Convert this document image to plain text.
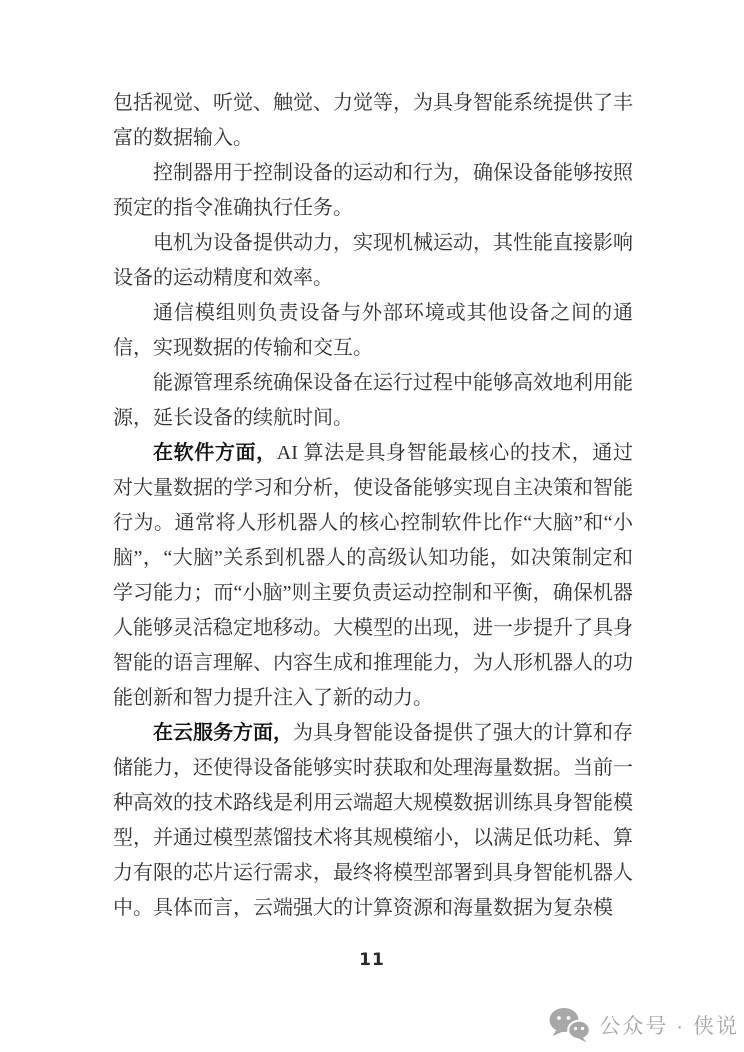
包括视觉、听觉、触觉、力觉等，为具身智能系统提供了丰富的数据输入。

控制器用于控制设备的运动和行为，确保设备能够按照预定的指令准确执行任务。

电机为设备提供动力，实现机械运动，其性能直接影响设备的运动精度和效率。

通信模组则负责设备与外部环境或其他设备之间的通信，实现数据的传输和交互。

能源管理系统确保设备在运行过程中能够高效地利用能源，延长设备的续航时间。

在软件方面，AI 算法是具身智能最核心的技术，通过对大量数据的学习和分析，使设备能够实现自主决策和智能行为。通常将人形机器人的核心控制软件比作“大脑”和“小脑”，“大脑”关系到机器人的高级认知功能，如决策制定和学习能力；而“小脑”则主要负责运动控制和平衡，确保机器人能够灵活稳定地移动。大模型的出现，进一步提升了具身智能的语言理解、内容生成和推理能力，为人形机器人的功能创新和智力提升注入了新的动力。

在云服务方面，为具身智能设备提供了强大的计算和存储能力，还使得设备能够实时获取和处理海量数据。当前一种高效的技术路线是利用云端超大规模数据训练具身智能模型，并通过模型蒸馏技术将其规模缩小，以满足低功耗、算力有限的芯片运行需求，最终将模型部署到具身智能机器人中。具体而言，云端强大的计算资源和海量数据为复杂模

11
公众号 · 侠说
